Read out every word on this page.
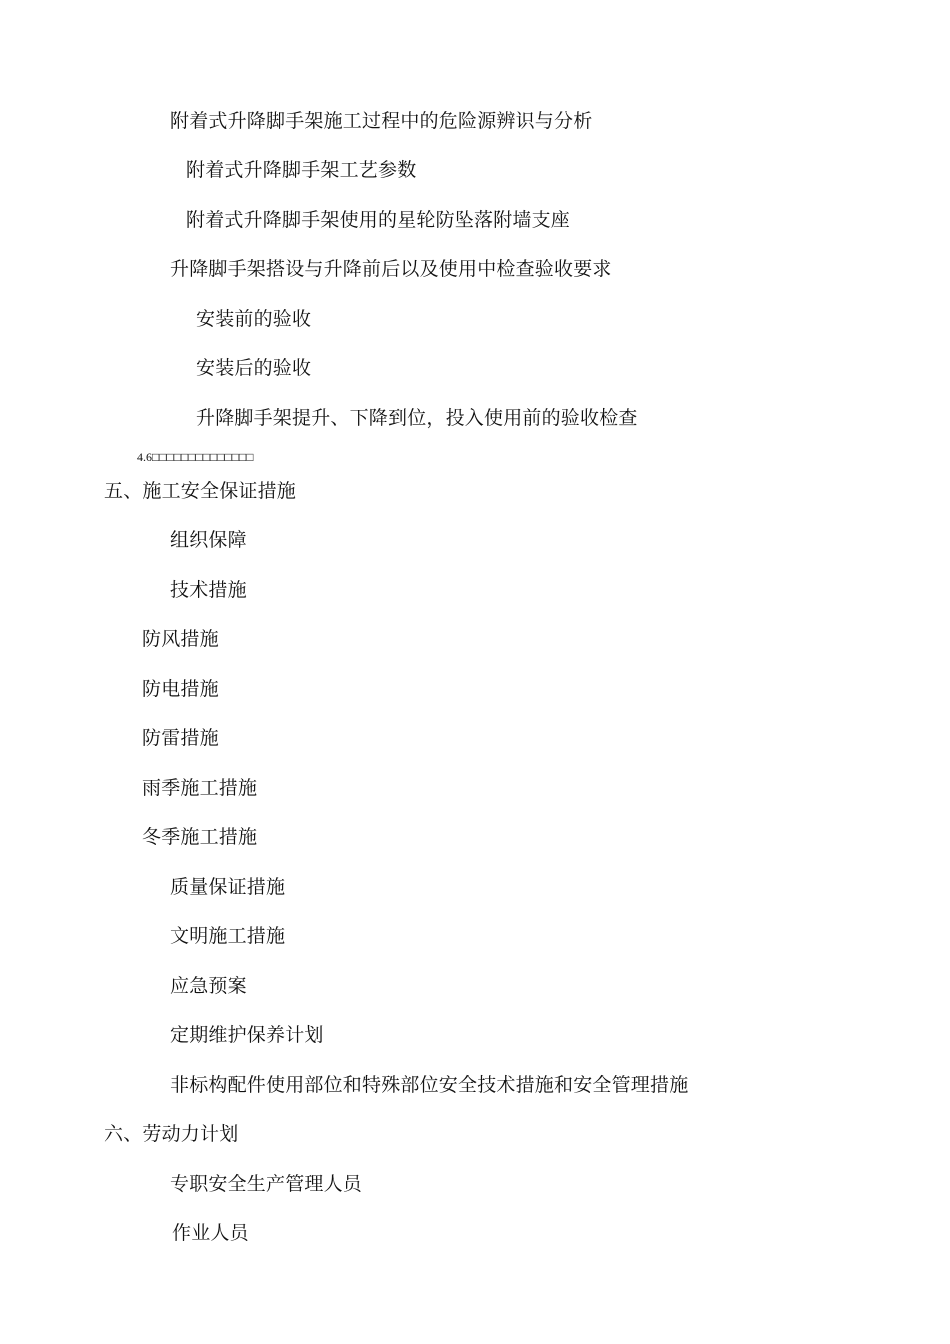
附着式升降脚手架施工过程中的危险源辨识与分析
附着式升降脚手架工艺参数
附着式升降脚手架使用的星轮防坠落附墙支座
升降脚手架搭设与升降前后以及使用中检查验收要求
安装前的验收
安装后的验收
升降脚手架提升、下降到位，投入使用前的验收检查
4.6□□□□□□□□□□□□□□
五、施工安全保证措施
组织保障
技术措施
防风措施
防电措施
防雷措施
雨季施工措施
冬季施工措施
质量保证措施
文明施工措施
应急预案
定期维护保养计划
非标构配件使用部位和特殊部位安全技术措施和安全管理措施
六、劳动力计划
专职安全生产管理人员
作业人员
